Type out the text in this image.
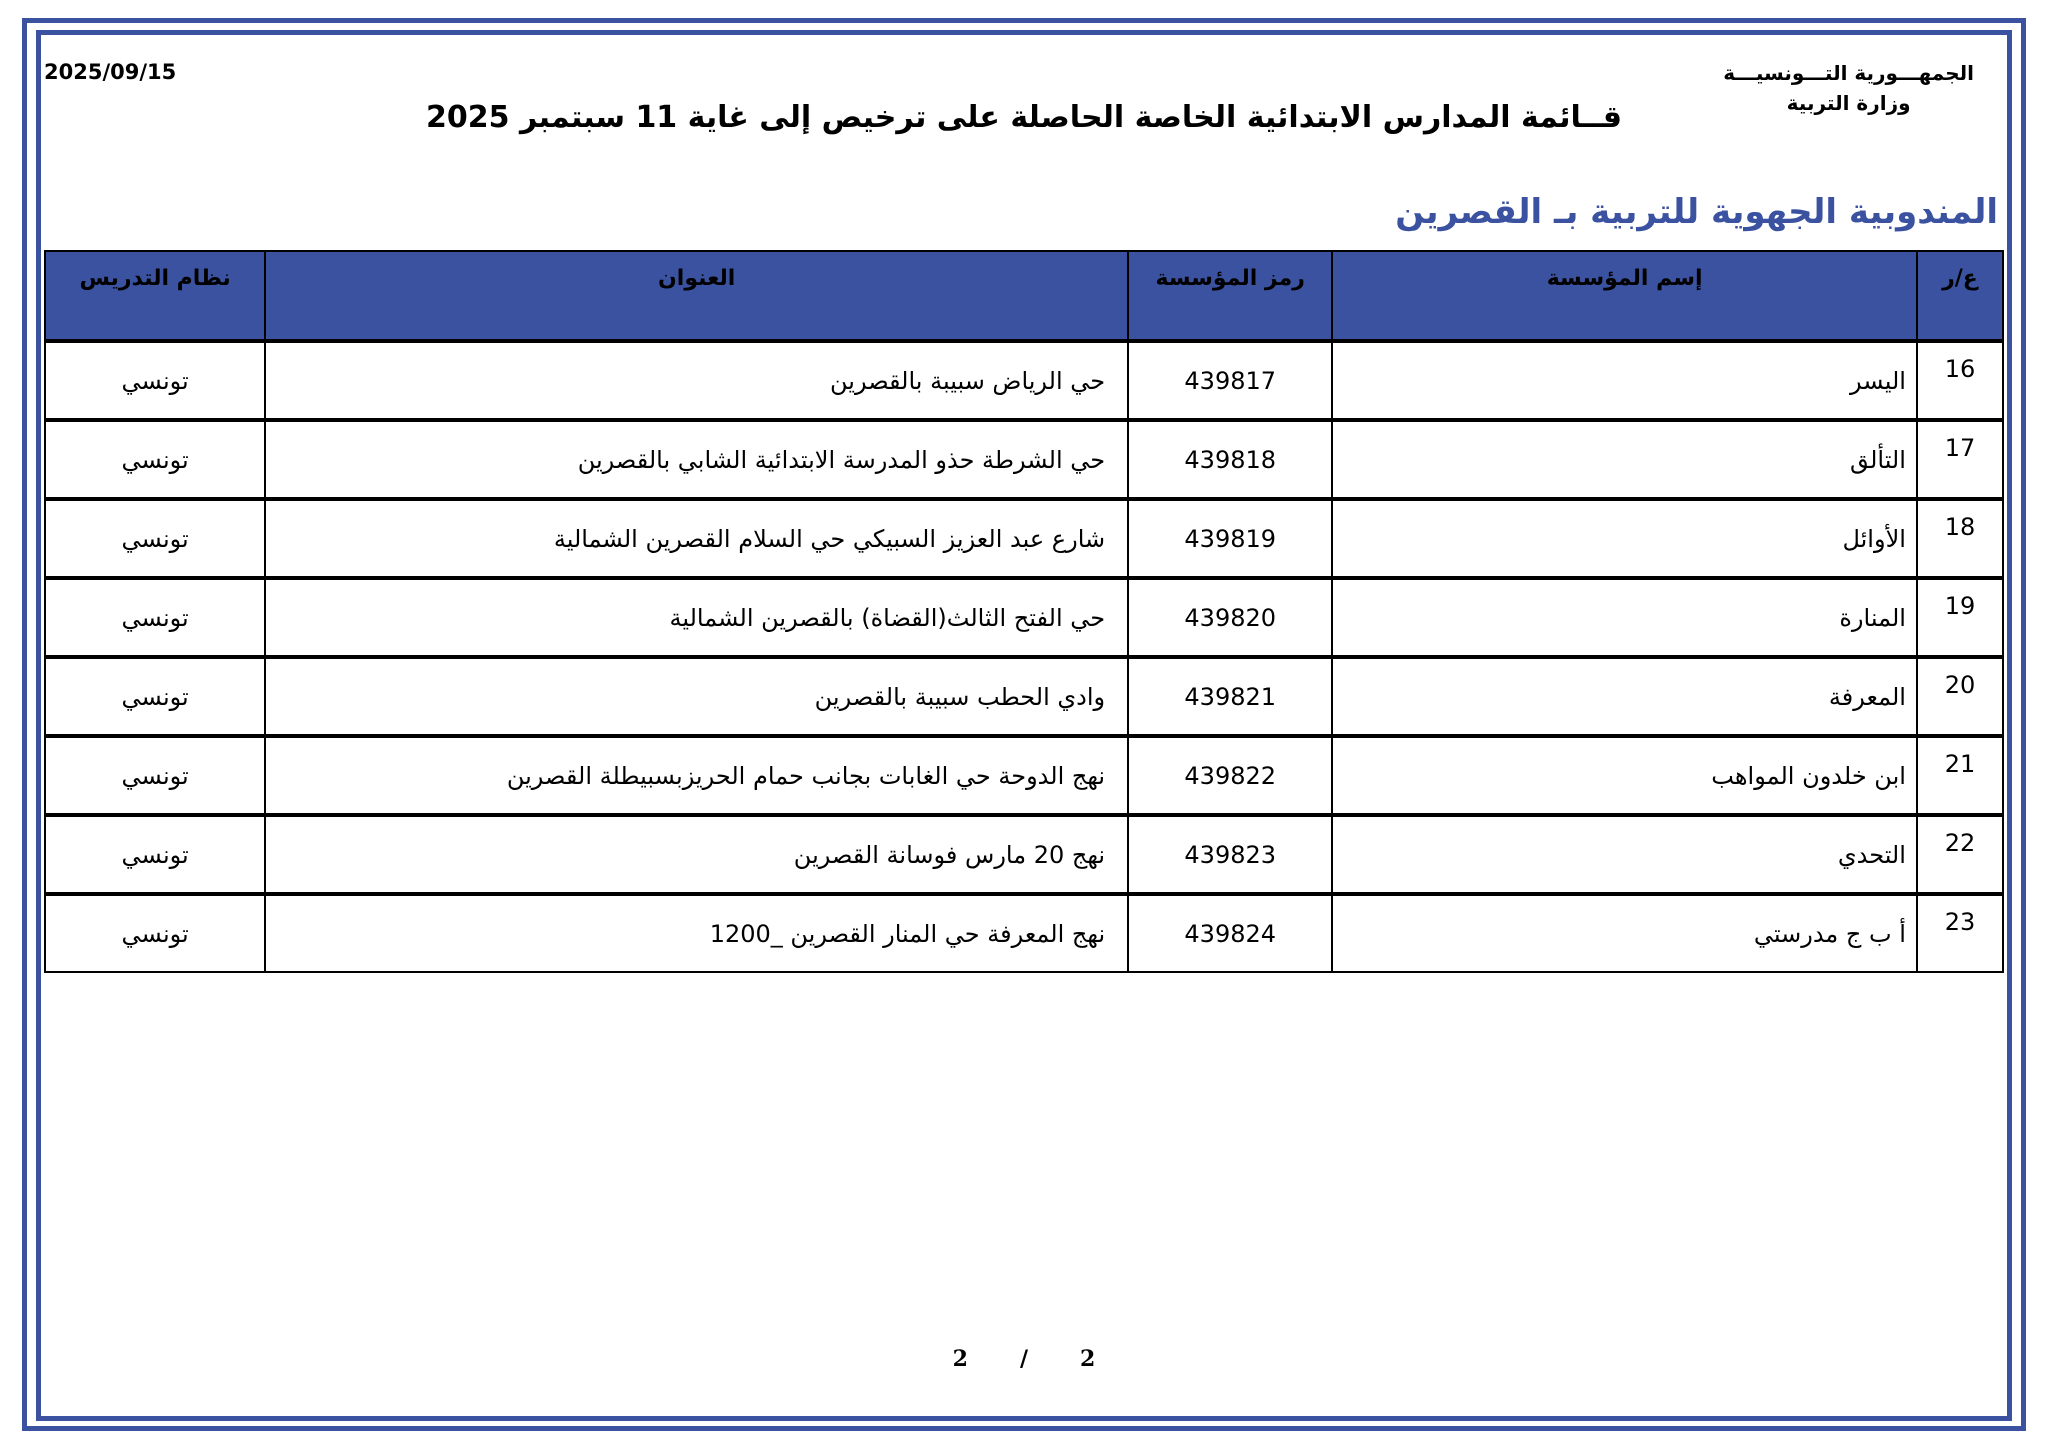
2025/09/15	الجمهـــورية التـــونسيـــة
وزارة التربية
قــائمة المدارس الابتدائية الخاصة الحاصلة على ترخيص إلى غاية 11 سبتمبر 2025
المندوبية الجهوية للتربية بـ القصرين
ع/ر	إسم المؤسسة	رمز المؤسسة	العنوان	نظام التدريس
16	اليسر	439817	حي الرياض سبيبة بالقصرين	تونسي
17	التألق	439818	حي الشرطة حذو المدرسة الابتدائية الشابي بالقصرين	تونسي
18	الأوائل	439819	شارع عبد العزيز السبيكي حي السلام القصرين الشمالية	تونسي
19	المنارة	439820	حي الفتح الثالث(القضاة) بالقصرين الشمالية	تونسي
20	المعرفة	439821	وادي الحطب سبيبة بالقصرين	تونسي
21	ابن خلدون المواهب	439822	نهج الدوحة حي الغابات بجانب حمام الحريزبسبيطلة القصرين	تونسي
22	التحدي	439823	نهج 20 مارس فوسانة القصرين	تونسي
23	أ ب ج مدرستي	439824	نهج المعرفة حي المنار القصرين _1200	تونسي
2/2
